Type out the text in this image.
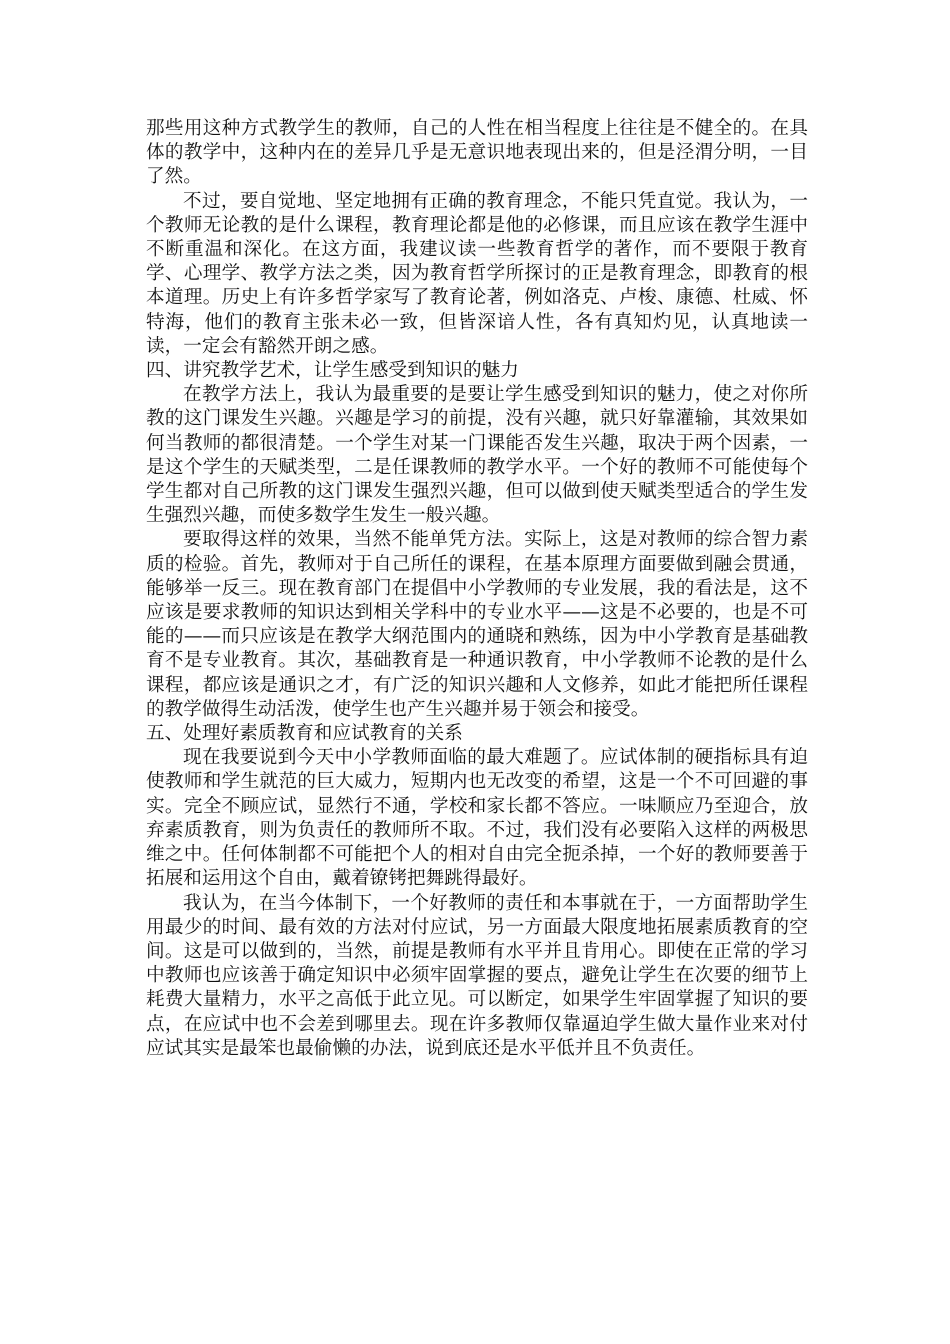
那些用这种方式教学生的教师，自己的人性在相当程度上往往是不健全的。在具体的教学中，这种内在的差异几乎是无意识地表现出来的，但是泾渭分明，一目了然。

不过，要自觉地、坚定地拥有正确的教育理念，不能只凭直觉。我认为，一个教师无论教的是什么课程，教育理论都是他的必修课，而且应该在教学生涯中不断重温和深化。在这方面，我建议读一些教育哲学的著作，而不要限于教育学、心理学、教学方法之类，因为教育哲学所探讨的正是教育理念，即教育的根本道理。历史上有许多哲学家写了教育论著，例如洛克、卢梭、康德、杜威、怀特海，他们的教育主张未必一致，但皆深谙人性，各有真知灼见，认真地读一读，一定会有豁然开朗之感。

四、讲究教学艺术，让学生感受到知识的魅力

在教学方法上，我认为最重要的是要让学生感受到知识的魅力，使之对你所教的这门课发生兴趣。兴趣是学习的前提，没有兴趣，就只好靠灌输，其效果如何当教师的都很清楚。一个学生对某一门课能否发生兴趣，取决于两个因素，一是这个学生的天赋类型，二是任课教师的教学水平。一个好的教师不可能使每个学生都对自己所教的这门课发生强烈兴趣，但可以做到使天赋类型适合的学生发生强烈兴趣，而使多数学生发生一般兴趣。

要取得这样的效果，当然不能单凭方法。实际上，这是对教师的综合智力素质的检验。首先，教师对于自己所任的课程，在基本原理方面要做到融会贯通，能够举一反三。现在教育部门在提倡中小学教师的专业发展，我的看法是，这不应该是要求教师的知识达到相关学科中的专业水平——这是不必要的，也是不可能的——而只应该是在教学大纲范围内的通晓和熟练，因为中小学教育是基础教育不是专业教育。其次，基础教育是一种通识教育，中小学教师不论教的是什么课程，都应该是通识之才，有广泛的知识兴趣和人文修养，如此才能把所任课程的教学做得生动活泼，使学生也产生兴趣并易于领会和接受。

五、处理好素质教育和应试教育的关系

现在我要说到今天中小学教师面临的最大难题了。应试体制的硬指标具有迫使教师和学生就范的巨大威力，短期内也无改变的希望，这是一个不可回避的事实。完全不顾应试，显然行不通，学校和家长都不答应。一味顺应乃至迎合，放弃素质教育，则为负责任的教师所不取。不过，我们没有必要陷入这样的两极思维之中。任何体制都不可能把个人的相对自由完全扼杀掉，一个好的教师要善于拓展和运用这个自由，戴着镣铐把舞跳得最好。

我认为，在当今体制下，一个好教师的责任和本事就在于，一方面帮助学生用最少的时间、最有效的方法对付应试，另一方面最大限度地拓展素质教育的空间。这是可以做到的，当然，前提是教师有水平并且肯用心。即使在正常的学习中教师也应该善于确定知识中必须牢固掌握的要点，避免让学生在次要的细节上耗费大量精力，水平之高低于此立见。可以断定，如果学生牢固掌握了知识的要点，在应试中也不会差到哪里去。现在许多教师仅靠逼迫学生做大量作业来对付应试其实是最笨也最偷懒的办法，说到底还是水平低并且不负责任。
